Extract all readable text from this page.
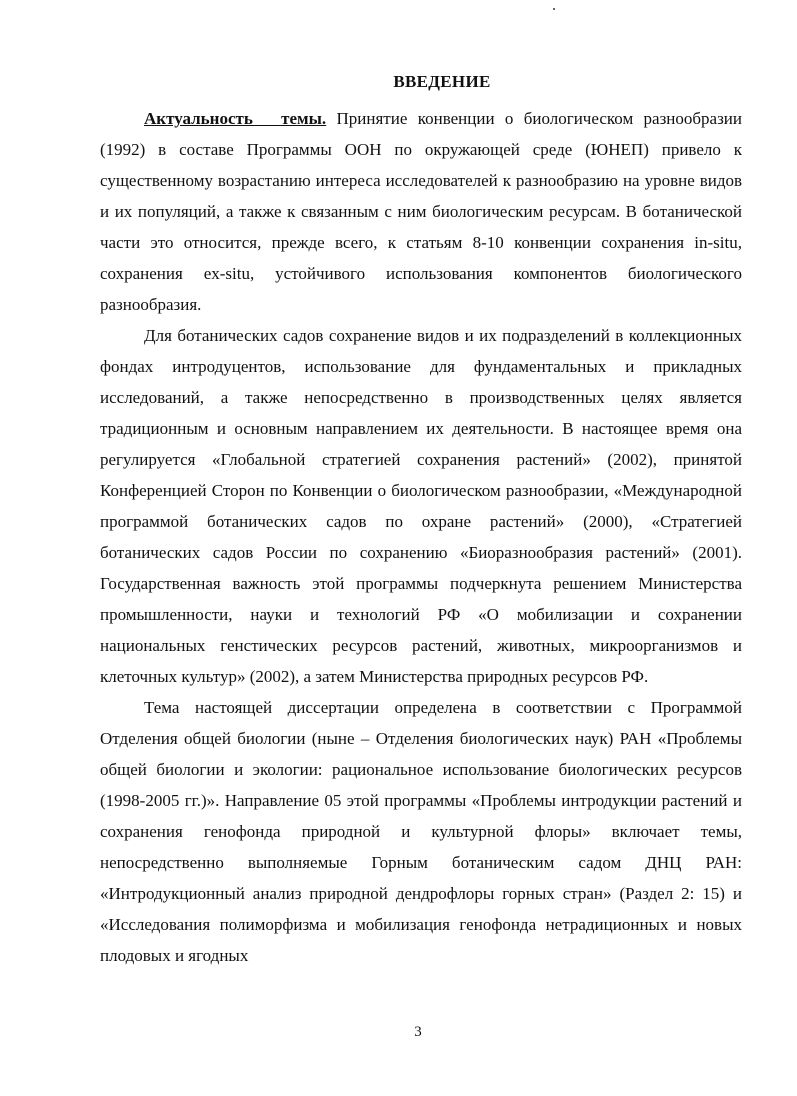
ВВЕДЕНИЕ

Актуальность темы. Принятие конвенции о биологическом разнообразии (1992) в составе Программы ООН по окружающей среде (ЮНЕП) привело к существенному возрастанию интереса исследователей к разнообразию на уровне видов и их популяций, а также к связанным с ним биологическим ресурсам. В ботанической части это относится, прежде всего, к статьям 8-10 конвенции сохранения in-situ, сохранения ex-situ, устойчивого использования компонентов биологического разнообразия.

Для ботанических садов сохранение видов и их подразделений в коллекционных фондах интродуцентов, использование для фундаментальных и прикладных исследований, а также непосредственно в производственных целях является традиционным и основным направлением их деятельности. В настоящее время она регулируется «Глобальной стратегией сохранения растений» (2002), принятой Конференцией Сторон по Конвенции о биологическом разнообразии, «Международной программой ботанических садов по охране растений» (2000), «Стратегией ботанических садов России по сохранению «Биоразнообразия растений» (2001). Государственная важность этой программы подчеркнута решением Министерства промышленности, науки и технологий РФ «О мобилизации и сохранении национальных генстических ресурсов растений, животных, микроорганизмов и клеточных культур» (2002), а затем Министерства природных ресурсов РФ.

Тема настоящей диссертации определена в соответствии с Программой Отделения общей биологии (ныне – Отделения биологических наук) РАН «Проблемы общей биологии и экологии: рациональное использование биологических ресурсов (1998-2005 гг.)». Направление 05 этой программы «Проблемы интродукции растений и сохранения генофонда природной и культурной флоры» включает темы, непосредственно выполняемые Горным ботаническим садом ДНЦ РАН: «Интродукционный анализ природной дендрофлоры горных стран» (Раздел 2: 15) и «Исследования полиморфизма и мобилизация генофонда нетрадиционных и новых плодовых и ягодных

3
